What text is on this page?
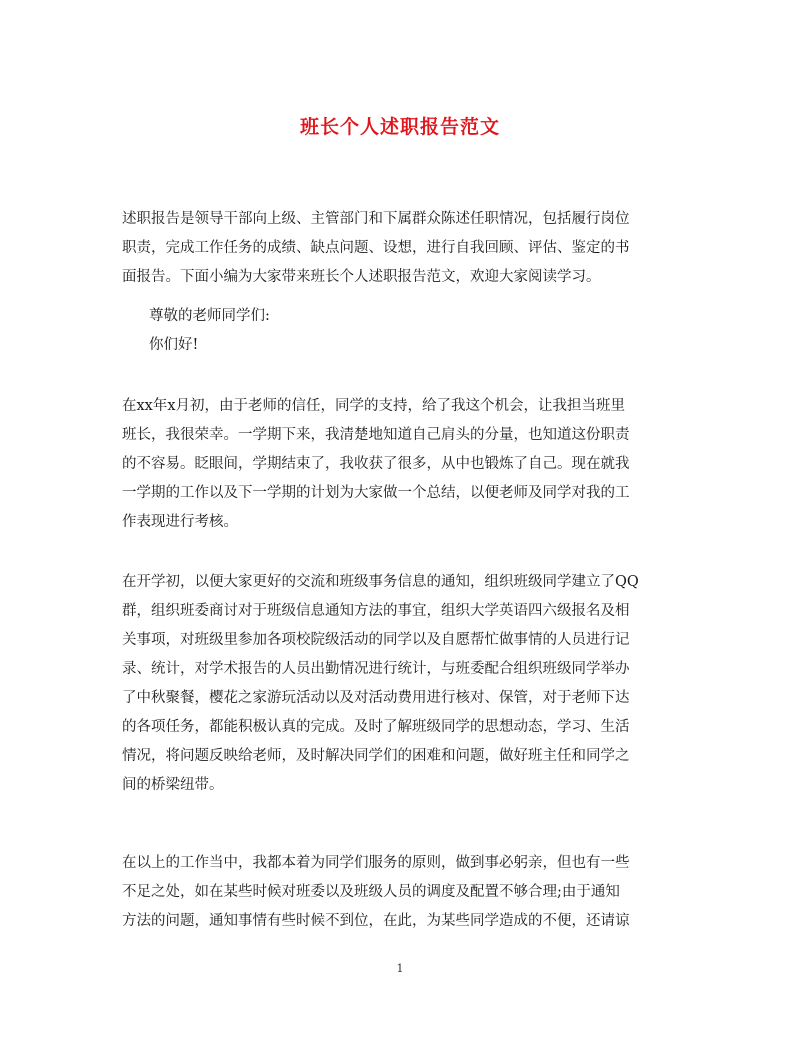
班长个人述职报告范文
述职报告是领导干部向上级、主管部门和下属群众陈述任职情况，包括履行岗位
职责，完成工作任务的成绩、缺点问题、设想，进行自我回顾、评估、鉴定的书
面报告。下面小编为大家带来班长个人述职报告范文，欢迎大家阅读学习。
尊敬的老师同学们:
你们好!
在xx年x月初，由于老师的信任，同学的支持，给了我这个机会，让我担当班里
班长，我很荣幸。一学期下来，我清楚地知道自己肩头的分量，也知道这份职责
的不容易。眨眼间，学期结束了，我收获了很多，从中也锻炼了自己。现在就我
一学期的工作以及下一学期的计划为大家做一个总结，以便老师及同学对我的工
作表现进行考核。
在开学初，以便大家更好的交流和班级事务信息的通知，组织班级同学建立了QQ
群，组织班委商讨对于班级信息通知方法的事宜，组织大学英语四六级报名及相
关事项，对班级里参加各项校院级活动的同学以及自愿帮忙做事情的人员进行记
录、统计，对学术报告的人员出勤情况进行统计，与班委配合组织班级同学举办
了中秋聚餐，樱花之家游玩活动以及对活动费用进行核对、保管，对于老师下达
的各项任务，都能积极认真的完成。及时了解班级同学的思想动态，学习、生活
情况，将问题反映给老师，及时解决同学们的困难和问题，做好班主任和同学之
间的桥梁纽带。
在以上的工作当中，我都本着为同学们服务的原则，做到事必躬亲，但也有一些
不足之处，如在某些时候对班委以及班级人员的调度及配置不够合理;由于通知
方法的问题，通知事情有些时候不到位，在此，为某些同学造成的不便，还请谅
1
